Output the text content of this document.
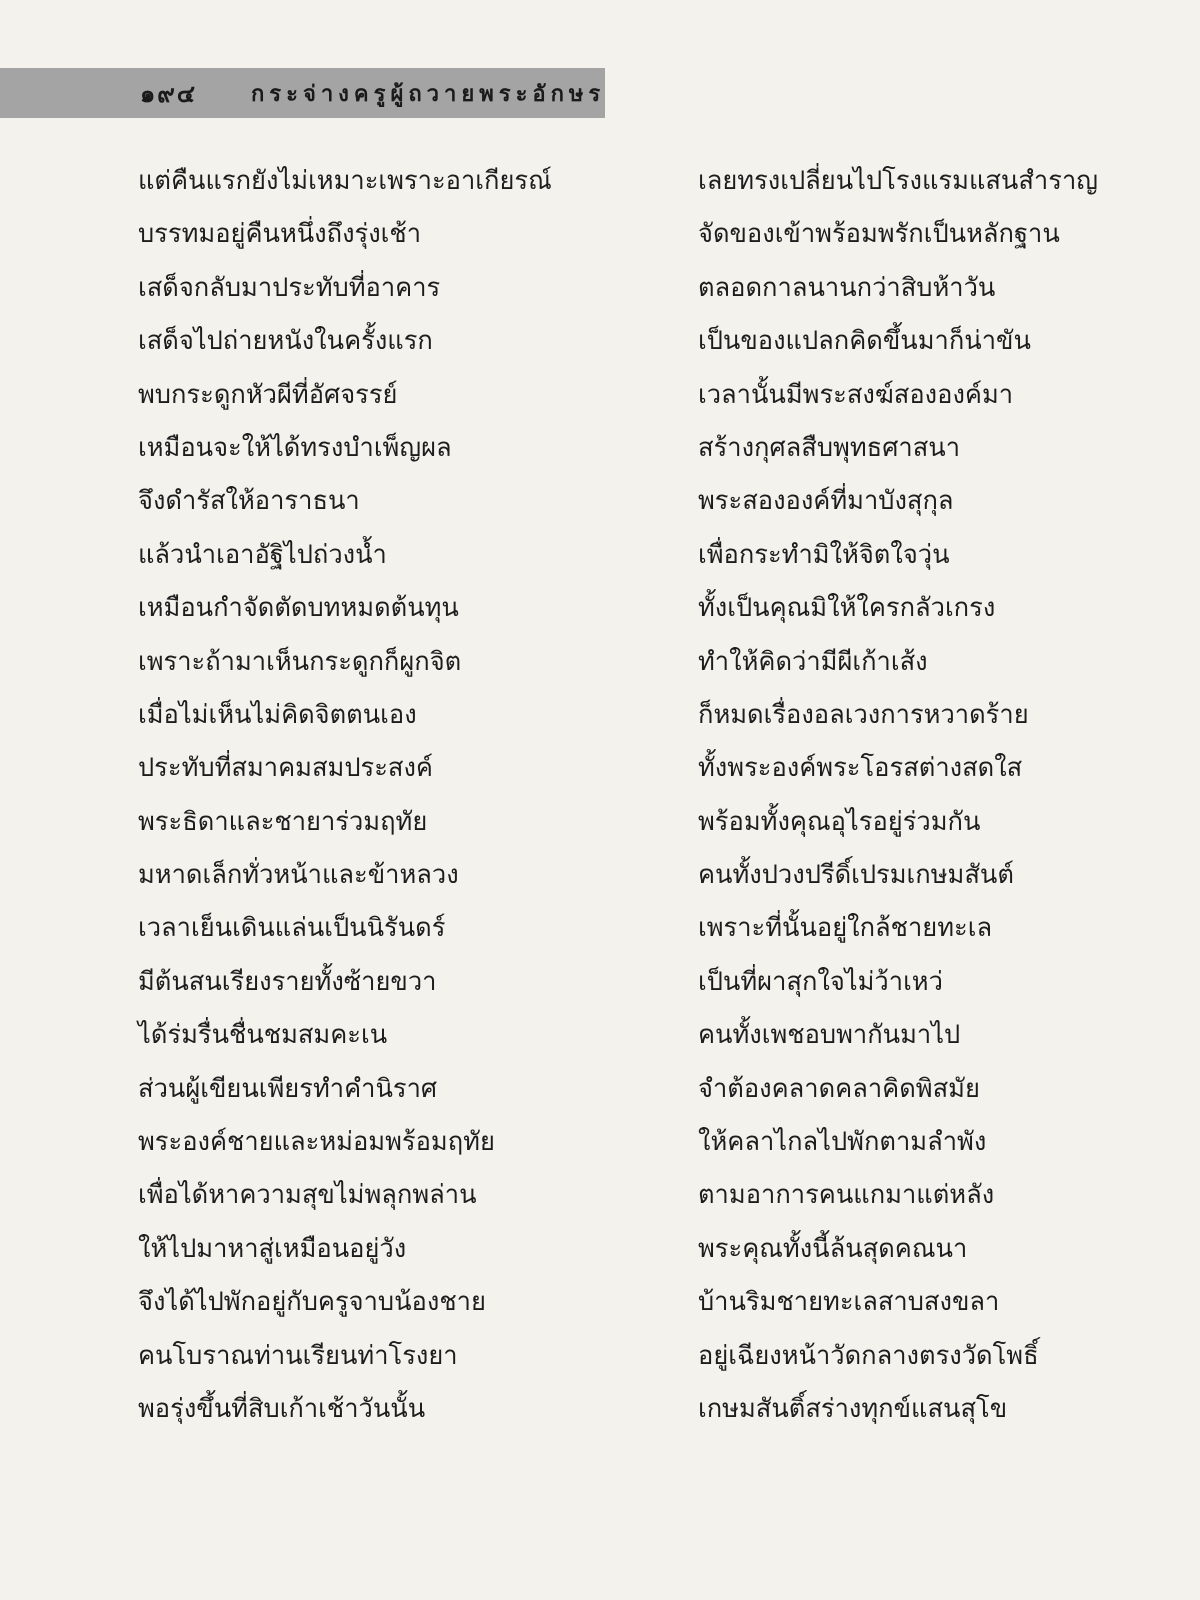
๑๙๔ กระจ่างครูผู้ถวายพระอักษร
แต่คืนแรกยังไม่เหมาะเพราะอาเกียรณ์
บรรทมอยู่คืนหนึ่งถึงรุ่งเช้า
เสด็จกลับมาประทับที่อาคาร
เสด็จไปถ่ายหนังในครั้งแรก
พบกระดูกหัวผีที่อัศจรรย์
เหมือนจะให้ได้ทรงบำเพ็ญผล
จึงดำรัสให้อาราธนา
แล้วนำเอาอัฐิไปถ่วงน้ำ
เหมือนกำจัดตัดบทหมดต้นทุน
เพราะถ้ามาเห็นกระดูกก็ผูกจิต
เมื่อไม่เห็นไม่คิดจิตตนเอง
ประทับที่สมาคมสมประสงค์
พระธิดาและชายาร่วมฤทัย
มหาดเล็กทั่วหน้าและข้าหลวง
เวลาเย็นเดินแล่นเป็นนิรันดร์
มีต้นสนเรียงรายทั้งซ้ายขวา
ได้ร่มรื่นชื่นชมสมคะเน
ส่วนผู้เขียนเพียรทำคำนิราศ
พระองค์ชายและหม่อมพร้อมฤทัย
เพื่อได้หาความสุขไม่พลุกพล่าน
ให้ไปมาหาสู่เหมือนอยู่วัง
จึงได้ไปพักอยู่กับครูจาบน้องชาย
คนโบราณท่านเรียนท่าโรงยา
พอรุ่งขึ้นที่สิบเก้าเช้าวันนั้น
เลยทรงเปลี่ยนไปโรงแรมแสนสำราญ
จัดของเข้าพร้อมพรักเป็นหลักฐาน
ตลอดกาลนานกว่าสิบห้าวัน
เป็นของแปลกคิดขึ้นมาก็น่าขัน
เวลานั้นมีพระสงฆ์สององค์มา
สร้างกุศลสืบพุทธศาสนา
พระสององค์ที่มาบังสุกุล
เพื่อกระทำมิให้จิตใจวุ่น
ทั้งเป็นคุณมิให้ใครกลัวเกรง
ทำให้คิดว่ามีผีเก้าเส้ง
ก็หมดเรื่องอลเวงการหวาดร้าย
ทั้งพระองค์พระโอรสต่างสดใส
พร้อมทั้งคุณอุไรอยู่ร่วมกัน
คนทั้งปวงปรีดิ์เปรมเกษมสันต์
เพราะที่นั้นอยู่ใกล้ชายทะเล
เป็นที่ผาสุกใจไม่ว้าเหว่
คนทั้งเพชอบพากันมาไป
จำต้องคลาดคลาคิดพิสมัย
ให้คลาไกลไปพักตามลำพัง
ตามอาการคนแกมาแต่หลัง
พระคุณทั้งนี้ล้นสุดคณนา
บ้านริมชายทะเลสาบสงขลา
อยู่เฉียงหน้าวัดกลางตรงวัดโพธิ์
เกษมสันติ์สร่างทุกข์แสนสุโข
